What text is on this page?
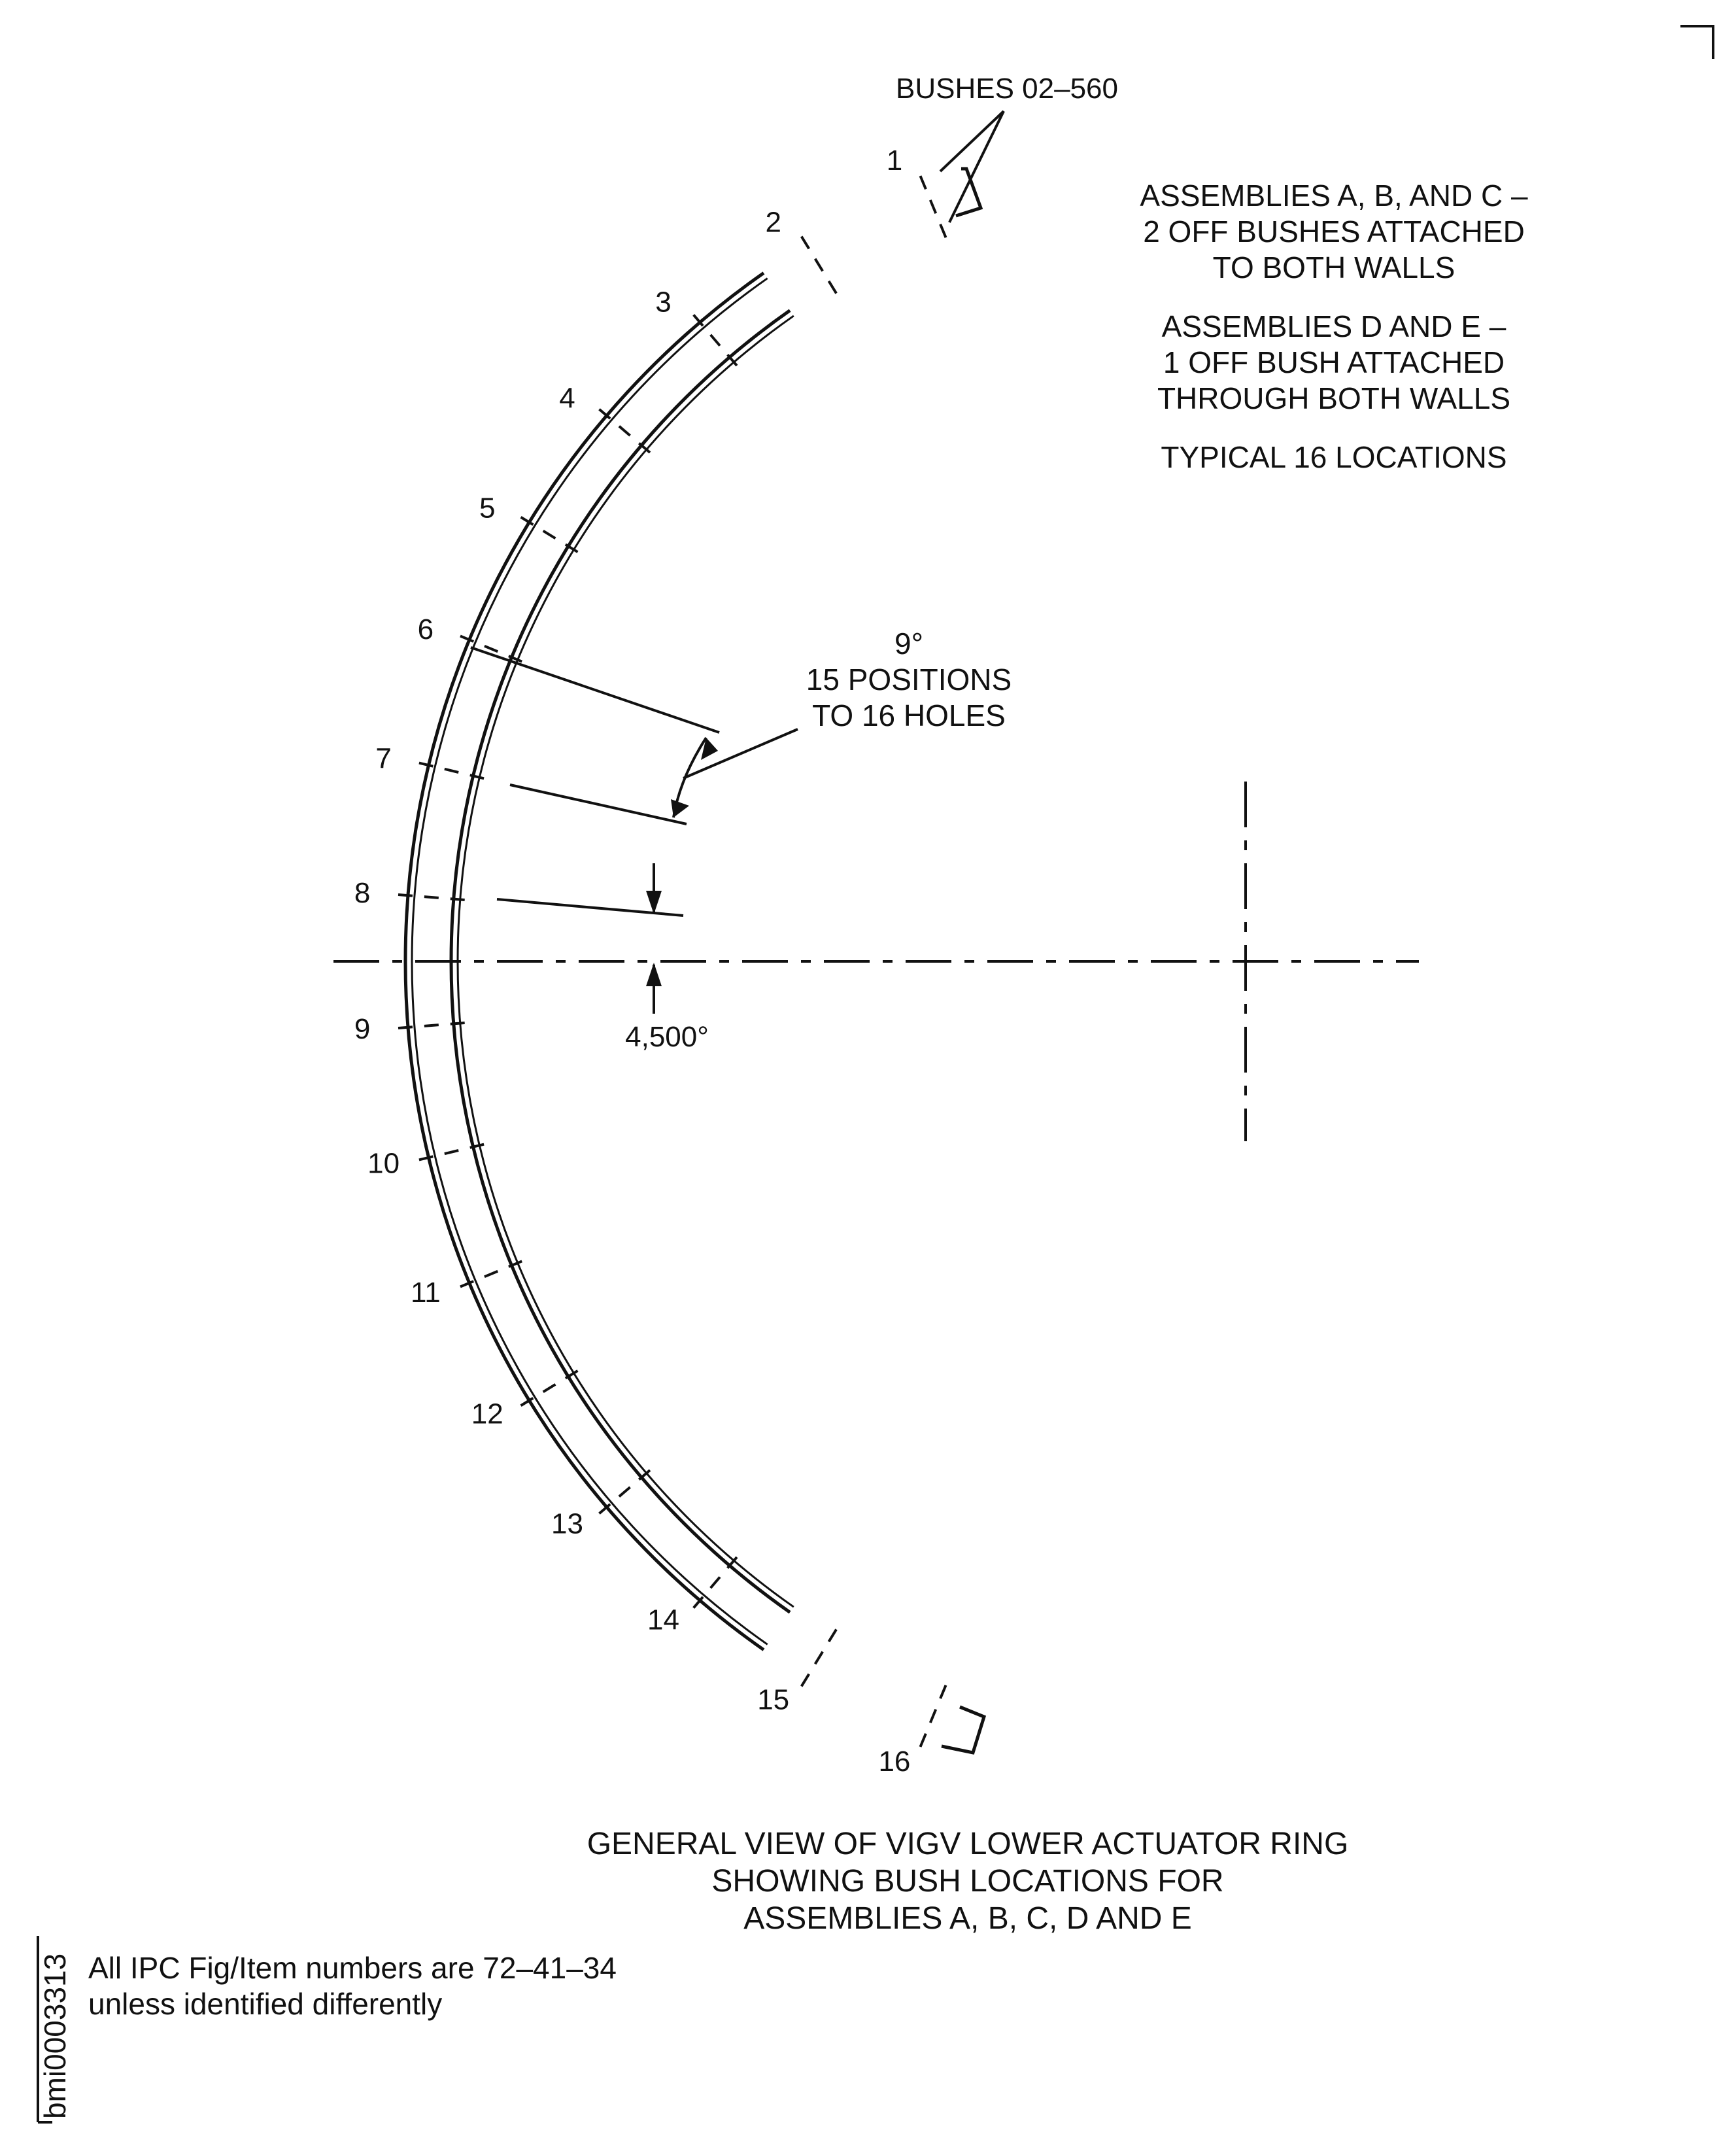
1
2
3
4
5
6
7
8
9
10
11
12
13
14
15
16
BUSHES 02–560
ASSEMBLIES A, B, AND C –
2 OFF BUSHES ATTACHED
TO BOTH WALLS
ASSEMBLIES D AND E –
1 OFF BUSH ATTACHED
THROUGH BOTH WALLS
TYPICAL 16 LOCATIONS
9°
15 POSITIONS
TO 16 HOLES
4,500°
GENERAL VIEW OF VIGV LOWER ACTUATOR RING
SHOWING BUSH LOCATIONS FOR
ASSEMBLIES A, B, C, D AND E
All IPC Fig/Item numbers are 72–41–34
unless identified differently
bmi0003313
